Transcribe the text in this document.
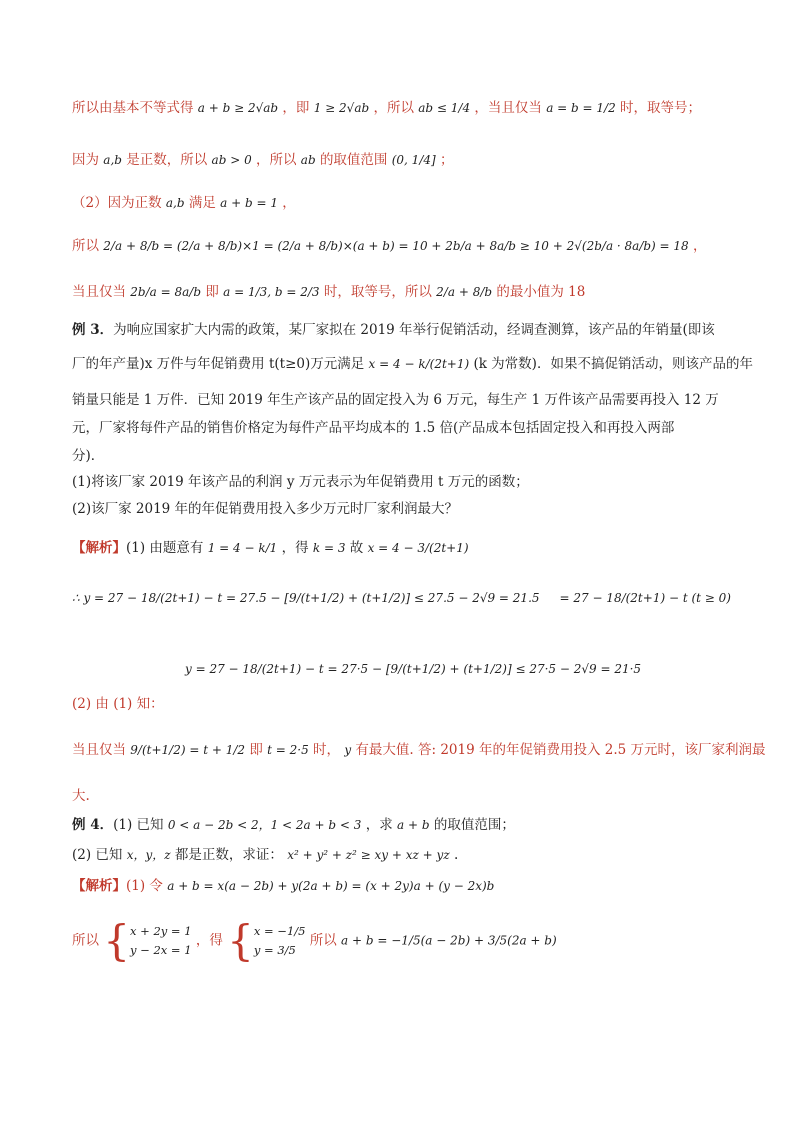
所以由基本不等式得 a + b ≥ 2√ab ，即 1 ≥ 2√ab ，所以 ab ≤ 1/4 ，当且仅当 a = b = 1/2 时，取等号；
因为 a,b 是正数，所以 ab > 0 ，所以 ab 的取值范围 (0, 1/4] ；
（2）因为正数 a,b 满足 a + b = 1 ，
所以 2/a + 8/b = (2/a + 8/b)×1 = (2/a + 8/b)×(a + b) = 10 + 2b/a + 8a/b ≥ 10 + 2√(2b/a · 8a/b) = 18 ，
当且仅当 2b/a = 8a/b 即 a = 1/3, b = 2/3 时，取等号，所以 2/a + 8/b 的最小值为 18
例 3．为响应国家扩大内需的政策，某厂家拟在 2019 年举行促销活动，经调查测算，该产品的年销量(即该
厂的年产量)x 万件与年促销费用 t(t≥0)万元满足 x = 4 − k/(2t+1) (k 为常数)．如果不搞促销活动，则该产品的年
销量只能是 1 万件．已知 2019 年生产该产品的固定投入为 6 万元，每生产 1 万件该产品需要再投入 12 万
元，厂家将每件产品的销售价格定为每件产品平均成本的 1.5 倍(产品成本包括固定投入和再投入两部
分)．
(1)将该厂家 2019 年该产品的利润 y 万元表示为年促销费用 t 万元的函数；
(2)该厂家 2019 年的年促销费用投入多少万元时厂家利润最大？
【解析】(1) 由题意有 1 = 4 − k/1 ，得 k = 3 故 x = 4 − 3/(2t+1)
∴ y = 27 − 18/(2t+1) − t = 27.5 − [9/(t+1/2) + (t+1/2)] ≤ 27.5 − 2√9 = 21.5 = 27 − 18/(2t+1) − t (t ≥ 0)
y = 27 − 18/(2t+1) − t = 27·5 − [9/(t+1/2) + (t+1/2)] ≤ 27·5 − 2√9 = 21·5
(2) 由 (1) 知：
当且仅当 9/(t+1/2) = t + 1/2 即 t = 2·5 时， y 有最大值. 答: 2019 年的年促销费用投入 2.5 万元时，该厂家利润最
大.
例 4．(1) 已知 0 < a − 2b < 2，1 < 2a + b < 3 ，求 a + b 的取值范围；
(2) 已知 x，y，z 都是正数，求证： x² + y² + z² ≥ xy + xz + yz .
【解析】(1) 令 a + b = x(a − 2b) + y(2a + b) = (x + 2y)a + (y − 2x)b
所以 {x + 2y = 1
y − 2x = 1 ，得 {x = −1/5
y = 3/5 所以 a + b = −1/5(a − 2b) + 3/5(2a + b)
